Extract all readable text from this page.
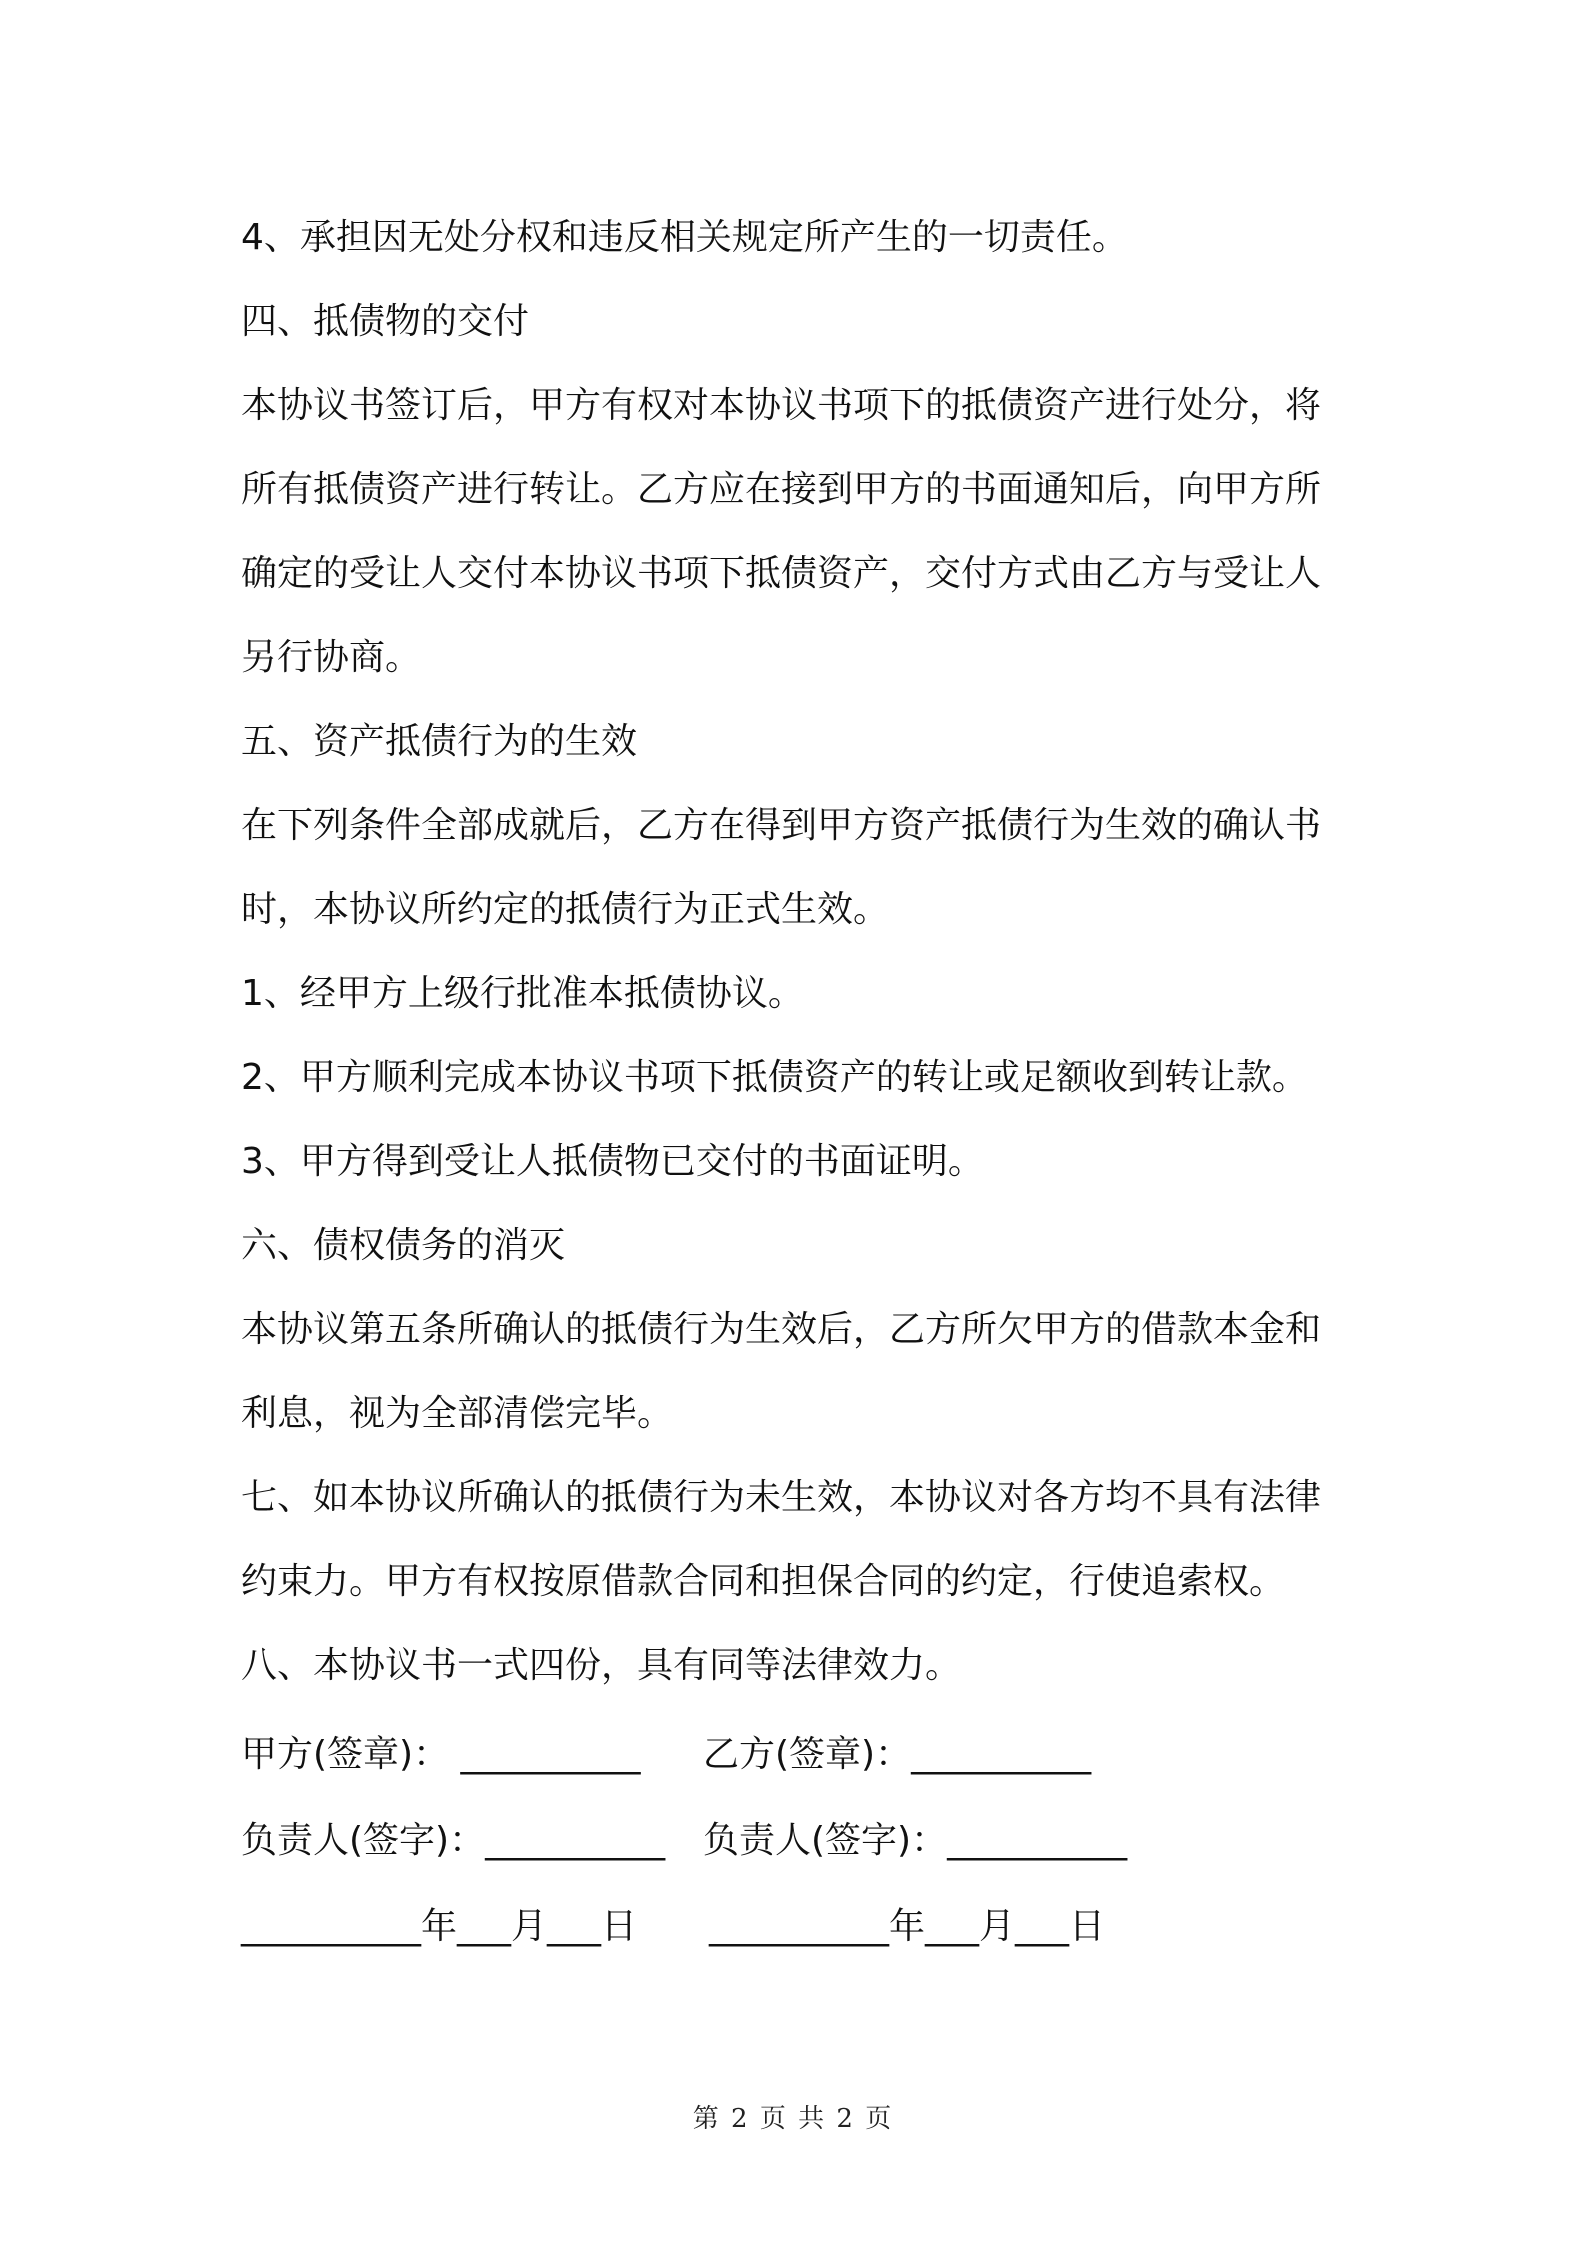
4、承担因无处分权和违反相关规定所产生的一切责任。
四、抵债物的交付
本协议书签订后，甲方有权对本协议书项下的抵债资产进行处分，将
所有抵债资产进行转让。乙方应在接到甲方的书面通知后，向甲方所
确定的受让人交付本协议书项下抵债资产，交付方式由乙方与受让人
另行协商。
五、资产抵债行为的生效
在下列条件全部成就后，乙方在得到甲方资产抵债行为生效的确认书
时，本协议所约定的抵债行为正式生效。
1、经甲方上级行批准本抵债协议。
2、甲方顺利完成本协议书项下抵债资产的转让或足额收到转让款。
3、甲方得到受让人抵债物已交付的书面证明。
六、债权债务的消灭
本协议第五条所确认的抵债行为生效后，乙方所欠甲方的借款本金和
利息，视为全部清偿完毕。
七、如本协议所确认的抵债行为未生效，本协议对各方均不具有法律
约束力。甲方有权按原借款合同和担保合同的约定，行使追索权。
八、本协议书一式四份，具有同等法律效力。
甲方(签章)： __________ 乙方(签章)：__________
负责人(签字)：__________ 负责人(签字)：__________
__________年___月___日 __________年___月___日
第 2 页 共 2 页
